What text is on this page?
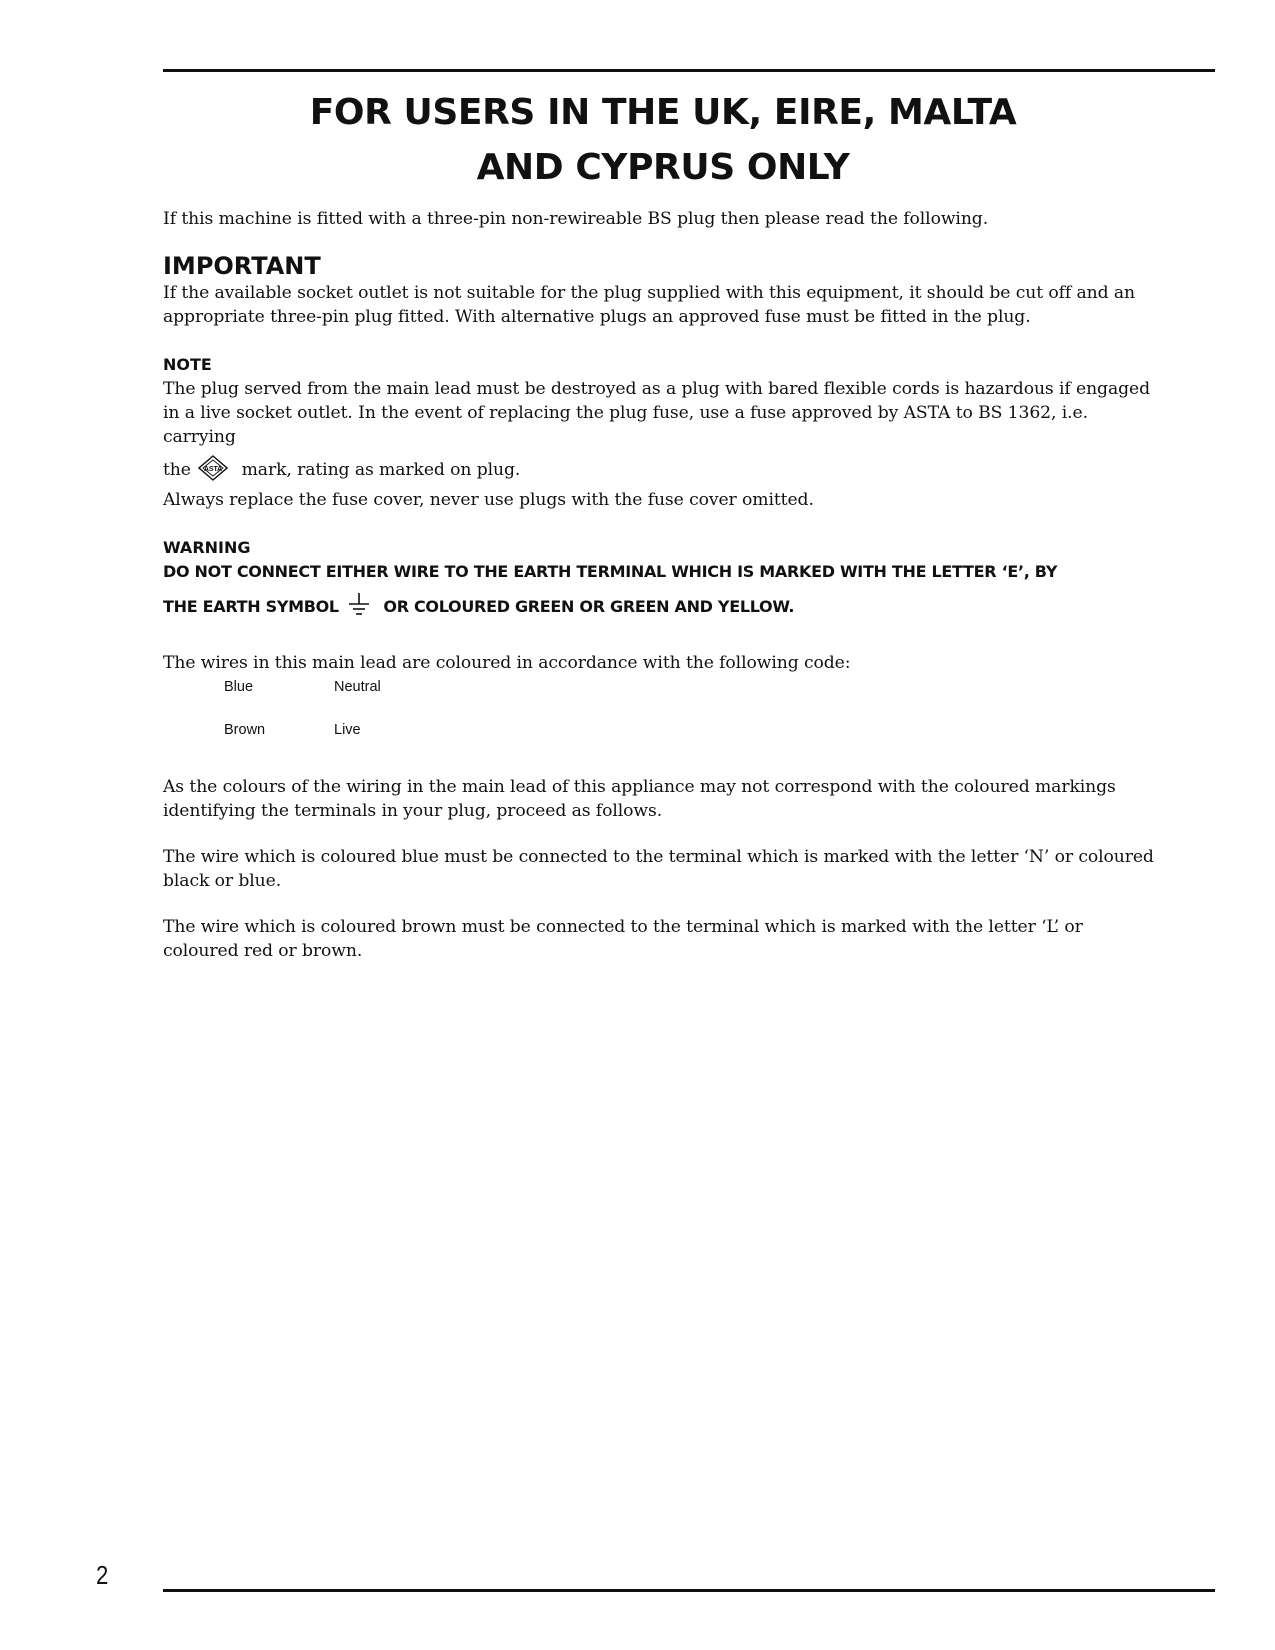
FOR USERS IN THE UK, EIRE, MALTA
AND CYPRUS ONLY

If this machine is fitted with a three-pin non-rewireable BS plug then please read the following.

IMPORTANT

If the available socket outlet is not suitable for the plug supplied with this equipment, it should be cut off and an appropriate three-pin plug fitted. With alternative plugs an approved fuse must be fitted in the plug.

NOTE

The plug served from the main lead must be destroyed as a plug with bared flexible cords is hazardous if engaged in a live socket outlet. In the event of replacing the plug fuse, use a fuse approved by ASTA to BS 1362, i.e. carrying

the ASTA mark, rating as marked on plug.

Always replace the fuse cover, never use plugs with the fuse cover omitted.

WARNING

DO NOT CONNECT EITHER WIRE TO THE EARTH TERMINAL WHICH IS MARKED WITH THE LETTER ‘E’, BY

THE EARTH SYMBOL	OR COLOURED GREEN OR GREEN AND YELLOW.

The wires in this main lead are coloured in accordance with the following code:

Blue	Neutral
Brown	Live

As the colours of the wiring in the main lead of this appliance may not correspond with the coloured markings identifying the terminals in your plug, proceed as follows.

The wire which is coloured blue must be connected to the terminal which is marked with the letter ‘N’ or coloured black or blue.

The wire which is coloured brown must be connected to the terminal which is marked with the letter ‘L’ or coloured red or brown.

2
